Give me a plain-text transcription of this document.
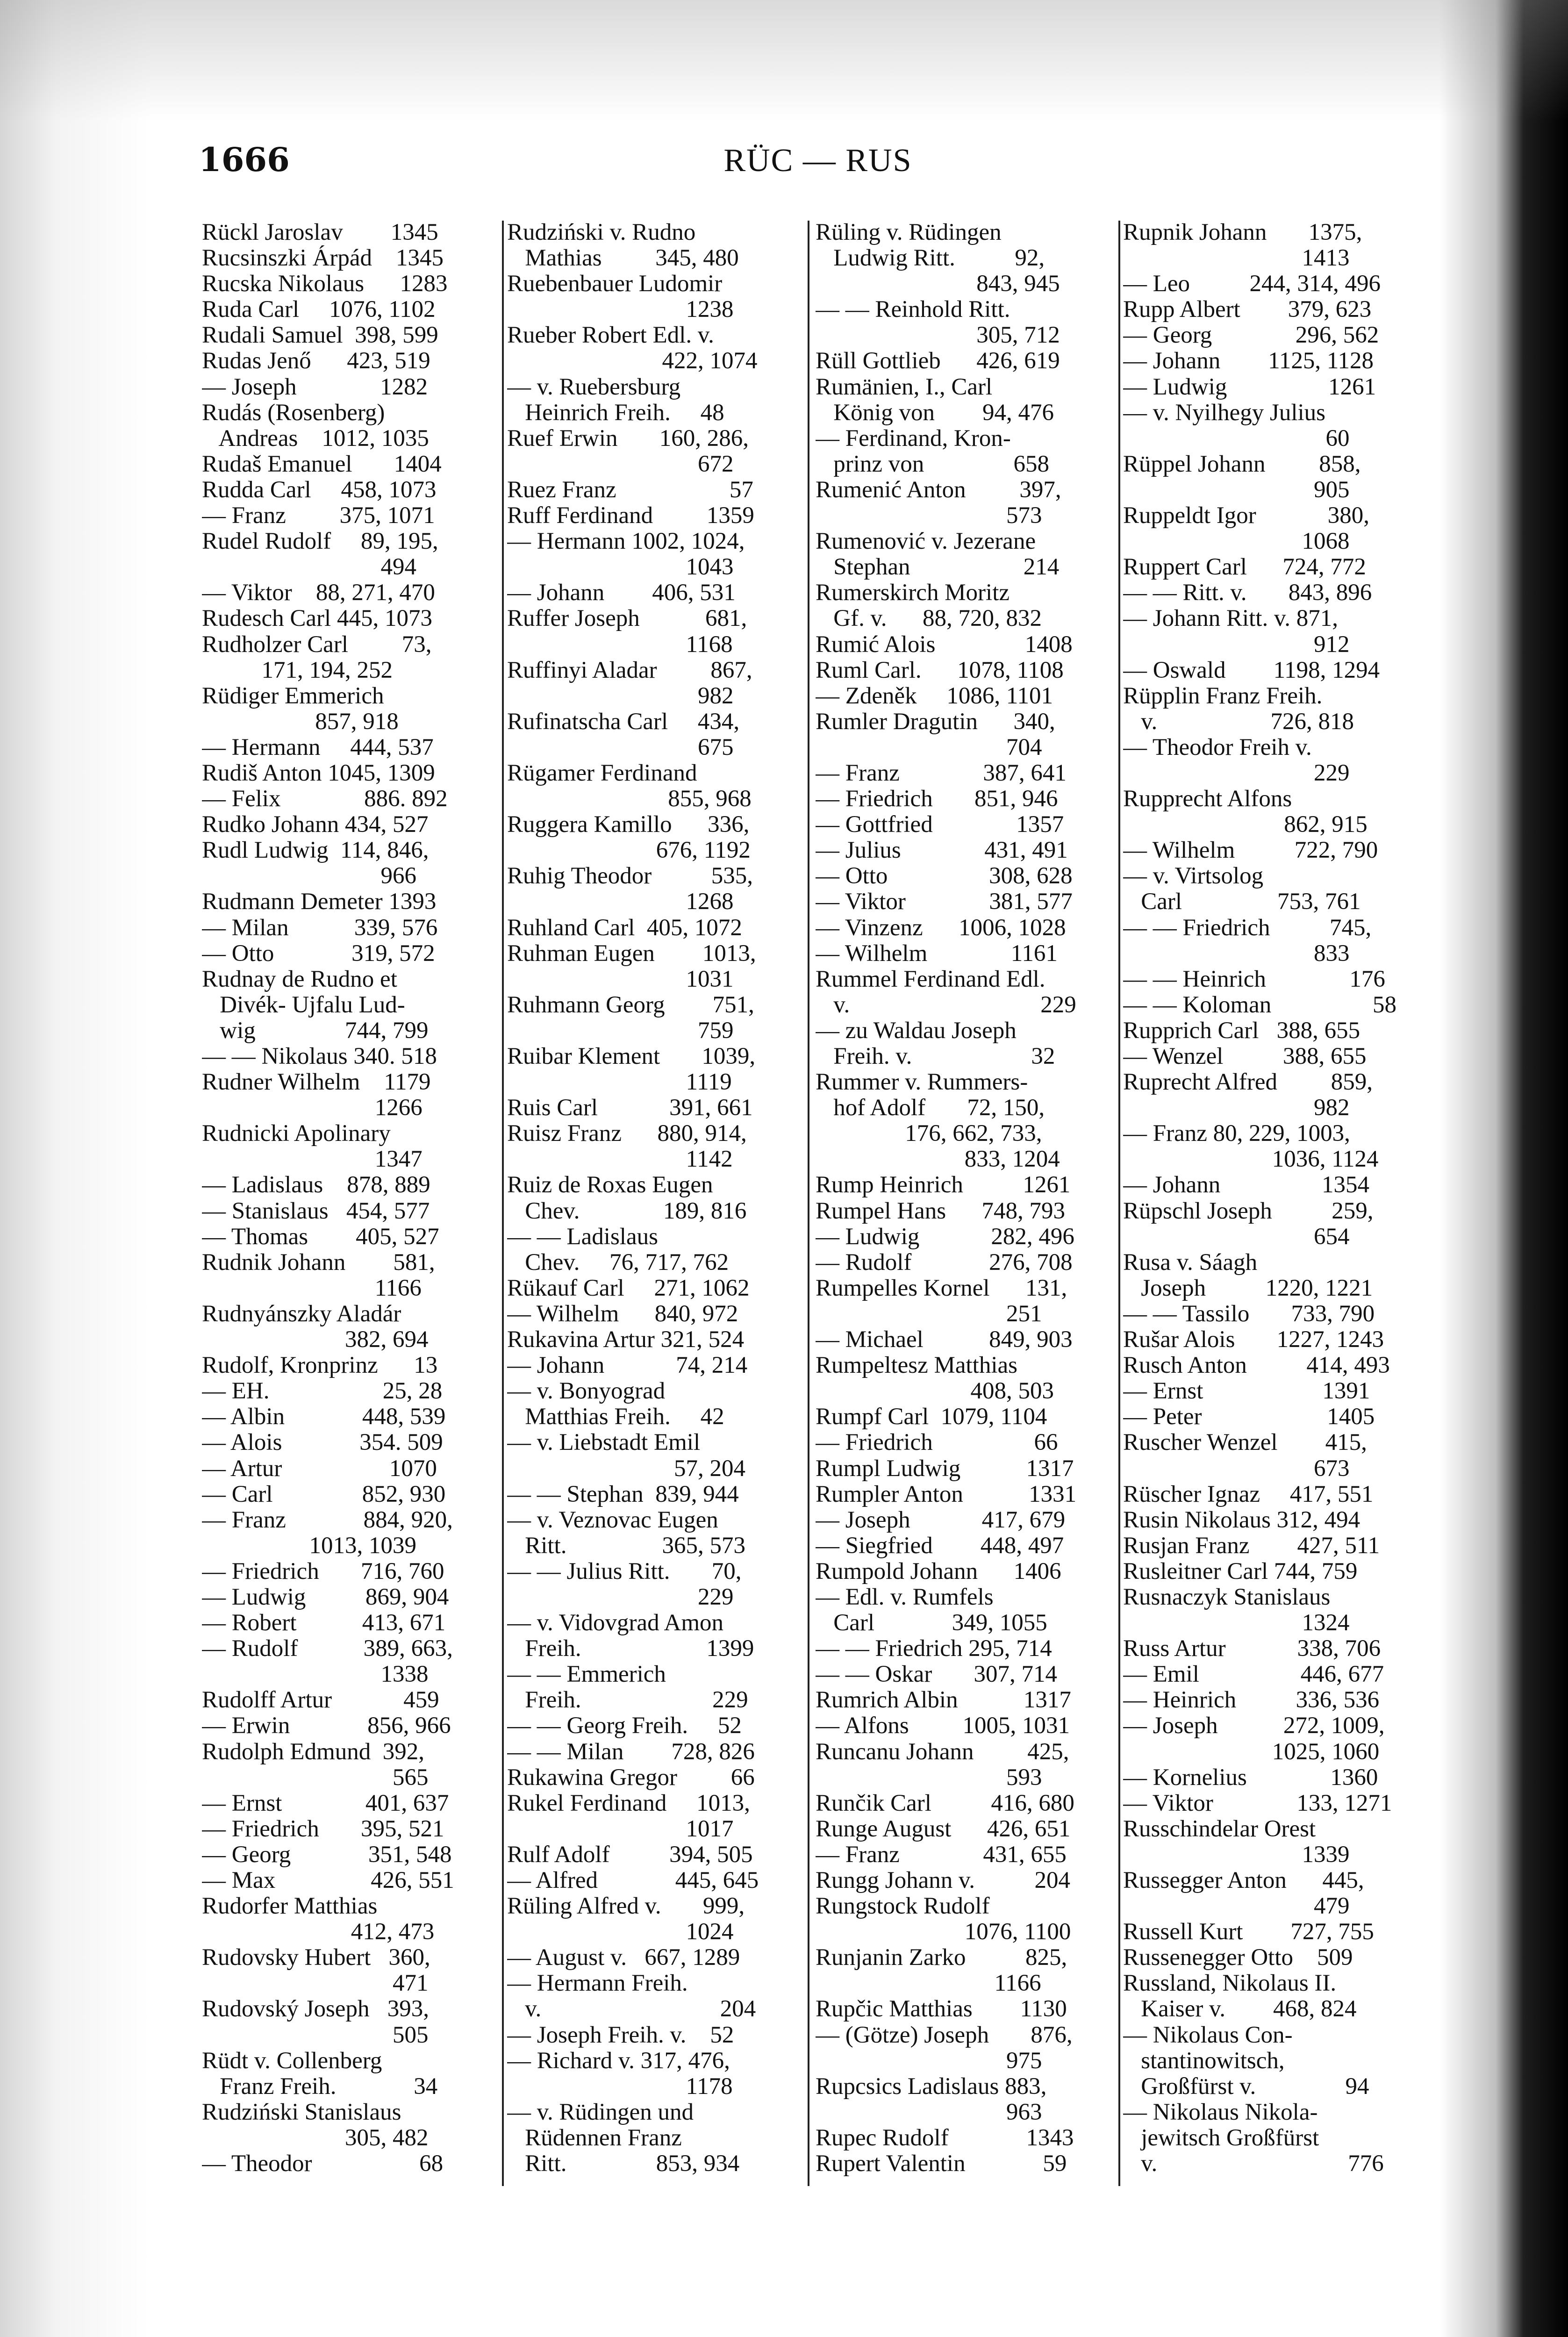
1666	RÜC — RUS
Rückl Jaroslav        1345
Rucsinszki Árpád    1345
Rucska Nikolaus      1283
Ruda Carl     1076, 1102
Rudali Samuel  398, 599
Rudas Jenő      423, 519
— Joseph              1282
Rudás (Rosenberg)
Andreas    1012, 1035
Rudaš Emanuel       1404
Rudda Carl     458, 1073
— Franz         375, 1071
Rudel Rudolf     89, 195,
494
— Viktor    88, 271, 470
Rudesch Carl 445, 1073
Rudholzer Carl         73,
171, 194, 252
Rüdiger Emmerich
857, 918
— Hermann     444, 537
Rudiš Anton 1045, 1309
— Felix              886. 892
Rudko Johann 434, 527
Rudl Ludwig  114, 846,
966
Rudmann Demeter 1393
— Milan           339, 576
— Otto             319, 572
Rudnay de Rudno et
Divék- Ujfalu Lud-
wig               744, 799
— — Nikolaus 340. 518
Rudner Wilhelm    1179
1266
Rudnicki Apolinary
1347
— Ladislaus    878, 889
— Stanislaus   454, 577
— Thomas        405, 527
Rudnik Johann        581,
1166
Rudnyánszky Aladár
382, 694
Rudolf, Kronprinz      13
— EH.                   25, 28
— Albin             448, 539
— Alois             354. 509
— Artur                  1070
— Carl               852, 930
— Franz             884, 920,
1013, 1039
— Friedrich       716, 760
— Ludwig          869, 904
— Robert           413, 671
— Rudolf           389, 663,
1338
Rudolff Artur            459
— Erwin             856, 966
Rudolph Edmund  392,
565
— Ernst              401, 637
— Friedrich       395, 521
— Georg             351, 548
— Max                426, 551
Rudorfer Matthias
412, 473
Rudovsky Hubert   360,
471
Rudovský Joseph   393,
505
Rüdt v. Collenberg
Franz Freih.             34
Rudziński Stanislaus
305, 482
— Theodor                  68
Rudziński v. Rudno
Mathias         345, 480
Ruebenbauer Ludomir
1238
Rueber Robert Edl. v.
422, 1074
— v. Ruebersburg
Heinrich Freih.     48
Ruef Erwin       160, 286,
672
Ruez Franz                   57
Ruff Ferdinand         1359
— Hermann 1002, 1024,
1043
— Johann        406, 531
Ruffer Joseph           681,
1168
Ruffinyi Aladar         867,
982
Rufinatscha Carl     434,
675
Rügamer Ferdinand
855, 968
Ruggera Kamillo      336,
676, 1192
Ruhig Theodor          535,
1268
Ruhland Carl  405, 1072
Ruhman Eugen        1013,
1031
Ruhmann Georg        751,
759
Ruibar Klement       1039,
1119
Ruis Carl            391, 661
Ruisz Franz      880, 914,
1142
Ruiz de Roxas Eugen
Chev.              189, 816
— — Ladislaus
Chev.     76, 717, 762
Rükauf Carl     271, 1062
— Wilhelm      840, 972
Rukavina Artur 321, 524
— Johann            74, 214
— v. Bonyograd
Matthias Freih.     42
— v. Liebstadt Emil
57, 204
— — Stephan  839, 944
— v. Veznovac Eugen
Ritt.                365, 573
— — Julius Ritt.       70,
229
— v. Vidovgrad Amon
Freih.                     1399
— — Emmerich
Freih.                      229
— — Georg Freih.     52
— — Milan        728, 826
Rukawina Gregor         66
Rukel Ferdinand     1013,
1017
Rulf Adolf          394, 505
— Alfred             445, 645
Rüling Alfred v.       999,
1024
— August v.   667, 1289
— Hermann Freih.
v.                              204
— Joseph Freih. v.    52
— Richard v. 317, 476,
1178
— v. Rüdingen und
Rüdennen Franz
Ritt.               853, 934
Rüling v. Rüdingen
Ludwig Ritt.          92,
843, 945
— — Reinhold Ritt.
305, 712
Rüll Gottlieb      426, 619
Rumänien, I., Carl
König von        94, 476
— Ferdinand, Kron-
prinz von               658
Rumenić Anton         397,
573
Rumenović v. Jezerane
Stephan                   214
Rumerskirch Moritz
Gf. v.      88, 720, 832
Rumić Alois               1408
Ruml Carl.      1078, 1108
— Zdeněk     1086, 1101
Rumler Dragutin      340,
704
— Franz              387, 641
— Friedrich       851, 946
— Gottfried              1357
— Julius              431, 491
— Otto                 308, 628
— Viktor              381, 577
— Vinzenz      1006, 1028
— Wilhelm              1161
Rummel Ferdinand Edl.
v.                                229
— zu Waldau Joseph
Freih. v.                    32
Rummer v. Rummers-
hof Adolf       72, 150,
176, 662, 733,
833, 1204
Rump Heinrich          1261
Rumpel Hans      748, 793
— Ludwig            282, 496
— Rudolf             276, 708
Rumpelles Kornel      131,
251
— Michael           849, 903
Rumpeltesz Matthias
408, 503
Rumpf Carl  1079, 1104
— Friedrich                 66
Rumpl Ludwig           1317
Rumpler Anton           1331
— Joseph            417, 679
— Siegfried        448, 497
Rumpold Johann      1406
— Edl. v. Rumfels
Carl             349, 1055
— — Friedrich 295, 714
— — Oskar       307, 714
Rumrich Albin           1317
— Alfons         1005, 1031
Runcanu Johann         425,
593
Runčik Carl          416, 680
Runge August      426, 651
— Franz              431, 655
Rungg Johann v.          204
Rungstock Rudolf
1076, 1100
Runjanin Zarko          825,
1166
Rupčic Matthias        1130
— (Götze) Joseph       876,
975
Rupcsics Ladislaus 883,
963
Rupec Rudolf             1343
Rupert Valentin             59
Rupnik Johann       1375,
1413
— Leo          244, 314, 496
Rupp Albert        379, 623
— Georg              296, 562
— Johann        1125, 1128
— Ludwig                 1261
— v. Nyilhegy Julius
60
Rüppel Johann         858,
905
Ruppeldt Igor            380,
1068
Ruppert Carl      724, 772
— — Ritt. v.       843, 896
— Johann Ritt. v. 871,
912
— Oswald        1198, 1294
Rüpplin Franz Freih.
v.                   726, 818
— Theodor Freih v.
229
Rupprecht Alfons
862, 915
— Wilhelm          722, 790
— v. Virtsolog
Carl                753, 761
— — Friedrich          745,
833
— — Heinrich              176
— — Koloman                 58
Rupprich Carl   388, 655
— Wenzel          388, 655
Ruprecht Alfred         859,
982
— Franz 80, 229, 1003,
1036, 1124
— Johann                 1354
Rüpschl Joseph          259,
654
Rusa v. Sáagh
Joseph          1220, 1221
— — Tassilo       733, 790
Rušar Alois       1227, 1243
Rusch Anton          414, 493
— Ernst                    1391
— Peter                     1405
Ruscher Wenzel        415,
673
Rüscher Ignaz     417, 551
Rusin Nikolaus 312, 494
Rusjan Franz        427, 511
Rusleitner Carl 744, 759
Rusnaczyk Stanislaus
1324
Russ Artur            338, 706
— Emil                 446, 677
— Heinrich          336, 536
— Joseph           272, 1009,
1025, 1060
— Kornelius              1360
— Viktor              133, 1271
Russchindelar Orest
1339
Russegger Anton      445,
479
Russell Kurt        727, 755
Russenegger Otto    509
Russland, Nikolaus II.
Kaiser v.        468, 824
— Nikolaus Con-
stantinowitsch,
Großfürst v.               94
— Nikolaus Nikola-
jewitsch Großfürst
v.                                776
